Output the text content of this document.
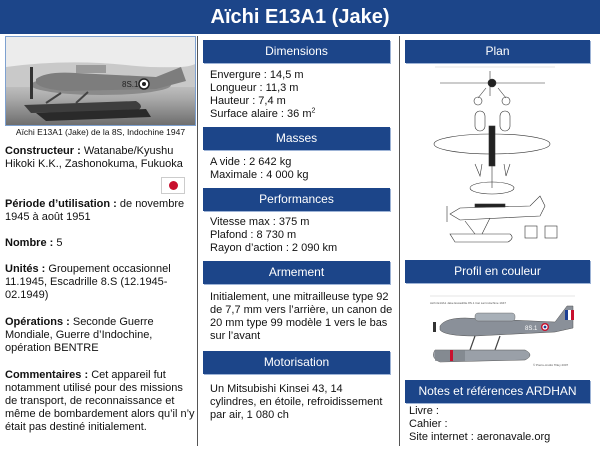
Aïchi E13A1 (Jake)
8S.1
Aïchi E13A1 (Jake) de la 8S, Indochine 1947
Constructeur : Watanabe/Kyushu Hikoki K.K., Zashonokuma, Fukuoka
Période d’utilisation : de novembre 1945 à août 1951
Nombre : 5
Unités : Groupement occasionnel 11.1945, Escadrille 8.S (12.1945-02.1949)
Opérations : Seconde Guerre Mondiale, Guerre d’Indochine, opération BENTRE
Commentaires : Cet appareil fut notamment utilisé pour des missions de transport, de reconnaissance et même de bombardement alors qu’il n’y était pas destiné initialement.
Dimensions
Envergure : 14,5 m
Longueur : 11,3 m
Hauteur : 7,4 m
Surface alaire : 36 $m^2$
Masses
A vide : 2 642 kg
Maximale : 4 000 kg
Performances
Vitesse max : 375 m
Plafond : 8 730 m
Rayon d’action : 2 090 km
Armement
Initialement, une mitrailleuse type 92 de 7,7 mm vers l’arrière, un canon de 20 mm type 99 modèle 1 vers le bas sur l’avant
Motorisation
Un Mitsubishi Kinsei 43, 14 cylindres, en étoile, refroidissement par air, 1 080 ch
Plan
Profil en couleur
Aichi E13A1 Jake Escadrille 8S.1 Cat Lai Indochine 1947
8S.1
© Pierre-André Tilley 2007
Notes et références ARDHAN
Livre :
Cahier :
Site internet : aeronavale.org
